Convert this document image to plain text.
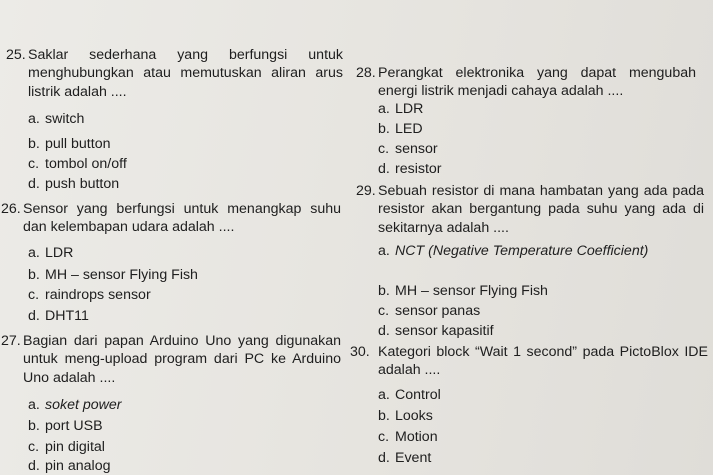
25. Saklar sederhana yang berfungsi untuk menghubungkan atau memutuskan aliran arus listrik adalah ....
a. switch
b. pull button
c. tombol on/off
d. push button
26. Sensor yang berfungsi untuk menangkap suhu dan kelembapan udara adalah ....
a. LDR
b. MH – sensor Flying Fish
c. raindrops sensor
d. DHT11
27. Bagian dari papan Arduino Uno yang digunakan untuk meng-upload program dari PC ke Arduino Uno adalah ....
a. soket power
b. port USB
c. pin digital
d. pin analog
28. Perangkat elektronika yang dapat mengubah energi listrik menjadi cahaya adalah ....
a. LDR
b. LED
c. sensor
d. resistor
29. Sebuah resistor di mana hambatan yang ada pada resistor akan bergantung pada suhu yang ada di sekitarnya adalah ....
a. NCT (Negative Temperature Coefficient)
b. MH – sensor Flying Fish
c. sensor panas
d. sensor kapasitif
30. Kategori block “Wait 1 second” pada PictoBlox IDE adalah ....
a. Control
b. Looks
c. Motion
d. Event
